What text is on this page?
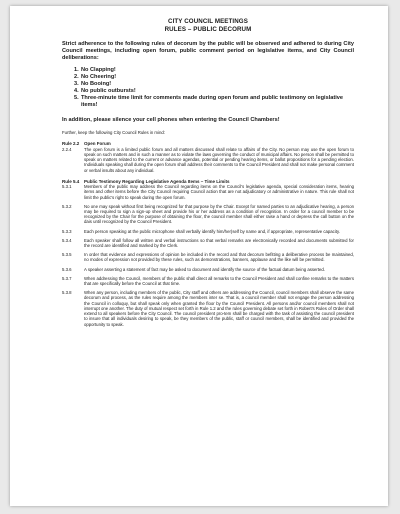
CITY COUNCIL MEETINGS
RULES – PUBLIC DECORUM
Strict adherence to the following rules of decorum by the public will be observed and adhered to during City Council meetings, including open forum, public comment period on legislative items, and City Council deliberations:
1. No Clapping!
2. No Cheering!
3. No Booing!
4. No public outbursts!
5. Three-minute time limit for comments made during open forum and public testimony on legislative items!
In addition, please silence your cell phones when entering the Council Chambers!
Further, keep the following City Council Rules in mind:
Rule 2.2	Open Forum
2.2.4	The open forum is a limited public forum and all matters discussed shall relate to affairs of the City. No person may use the open forum to speak on such matters and in such a manner as to violate the laws governing the conduct of municipal affairs. No person shall be permitted to speak on matters related to the current or advance agendas, potential or pending hearing items, or ballot propositions for a pending election. Individuals speaking shall during the open forum shall address their comments to the Council President and shall not make personal comment or verbal insults about any individual.
Rule 5.4	Public Testimony Regarding Legislative Agenda Items – Time Limits
5.3.1	Members of the public may address the Council regarding items on the Council's legislative agenda, special consideration items, hearing items and other items before the City Council requiring Council action that are not adjudicatory or administrative in nature. This rule shall not limit the public's right to speak during the open forum.
5.3.2	No one may speak without first being recognized for that purpose by the Chair. Except for named parties to an adjudicative hearing, a person may be required to sign a sign-up sheet and provide his or her address as a condition of recognition. In order for a council member to be recognized by the Chair for the purpose of obtaining the floor, the council member shall either raise a hand or depress the call button on the dais until recognized by the Council President.
5.3.3	Each person speaking at the public microphone shall verbally identify him/her)self by name and, if appropriate, representative capacity.
5.3.4	Each speaker shall follow all written and verbal instructions so that verbal remarks are electronically recorded and documents submitted for the record are identified and marked by the Clerk.
5.3.5	In order that evidence and expressions of opinion be included in the record and that decorum befitting a deliberative process be maintained, no modes of expression not provided by these rules, such as demonstrations, banners, applause and the like will be permitted.
5.3.6	A speaker asserting a statement of fact may be asked to document and identify the source of the factual datum being asserted.
5.3.7	When addressing the Council, members of the public shall direct all remarks to the Council President and shall confine remarks to the matters that are specifically before the Council at that time.
5.3.8	When any person, including members of the public, City staff and others are addressing the Council, council members shall observe the same decorum and process, as the rules require among the members inter se. That is, a council member shall not engage the person addressing the Council in colloquy, but shall speak only when granted the floor by the Council President. All persons and/or council members shall not interrupt one another. The duty of mutual respect set forth in Rule 1.2 and the rules governing debate set forth in Robert's Rules of Order shall extend to all speakers before the City Council. The council president pro-tem shall be charged with the task of assisting the council president to insure that all individuals desiring to speak, be they members of the public, staff or council members, shall be identified and provided the opportunity to speak.
